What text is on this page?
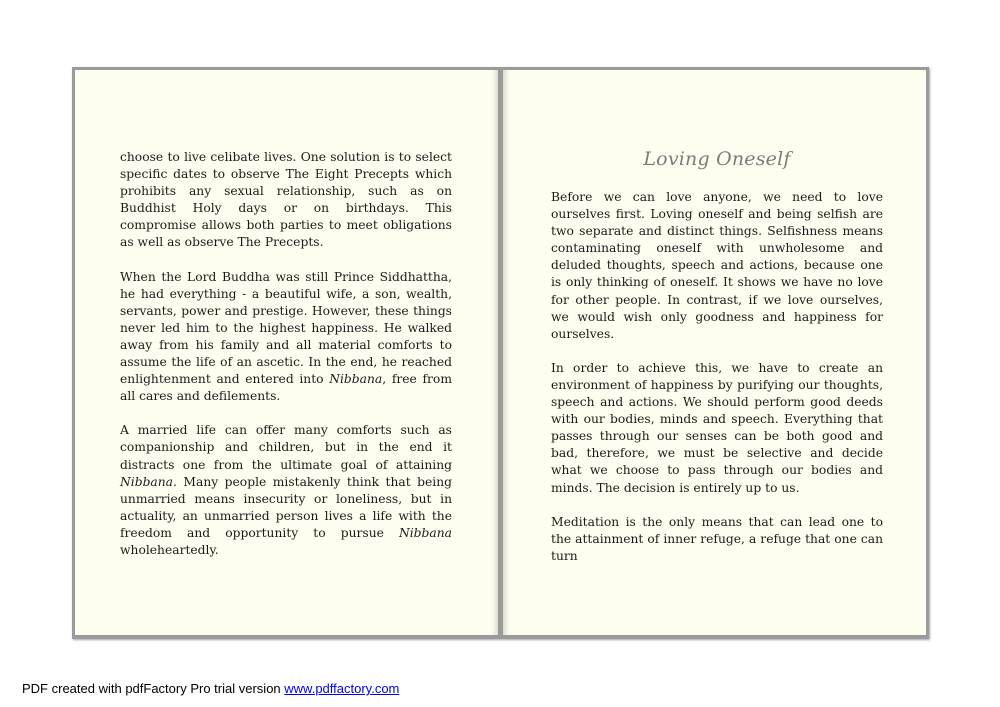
choose to live celibate lives. One solution is to select specific dates to observe The Eight Precepts which prohibits any sexual relationship, such as on Buddhist Holy days or on birthdays. This compromise allows both parties to meet obligations as well as observe The Precepts.

When the Lord Buddha was still Prince Siddhattha, he had everything - a beautiful wife, a son, wealth, servants, power and prestige. However, these things never led him to the highest happiness. He walked away from his family and all material comforts to assume the life of an ascetic. In the end, he reached enlightenment and entered into Nibbana, free from all cares and defilements.

A married life can offer many comforts such as companionship and children, but in the end it distracts one from the ultimate goal of attaining Nibbana. Many people mistakenly think that being unmarried means insecurity or loneliness, but in actuality, an unmarried person lives a life with the freedom and opportunity to pursue Nibbana wholeheartedly.

Loving Oneself

Before we can love anyone, we need to love ourselves first. Loving oneself and being selfish are two separate and distinct things. Selfishness means contaminating oneself with unwholesome and deluded thoughts, speech and actions, because one is only thinking of oneself. It shows we have no love for other people. In contrast, if we love ourselves, we would wish only goodness and happiness for ourselves.

In order to achieve this, we have to create an environment of happiness by purifying our thoughts, speech and actions. We should perform good deeds with our bodies, minds and speech. Everything that passes through our senses can be both good and bad, therefore, we must be selective and decide what we choose to pass through our bodies and minds. The decision is entirely up to us.

Meditation is the only means that can lead one to the attainment of inner refuge, a refuge that one can turn

PDF created with pdfFactory Pro trial version www.pdffactory.com
